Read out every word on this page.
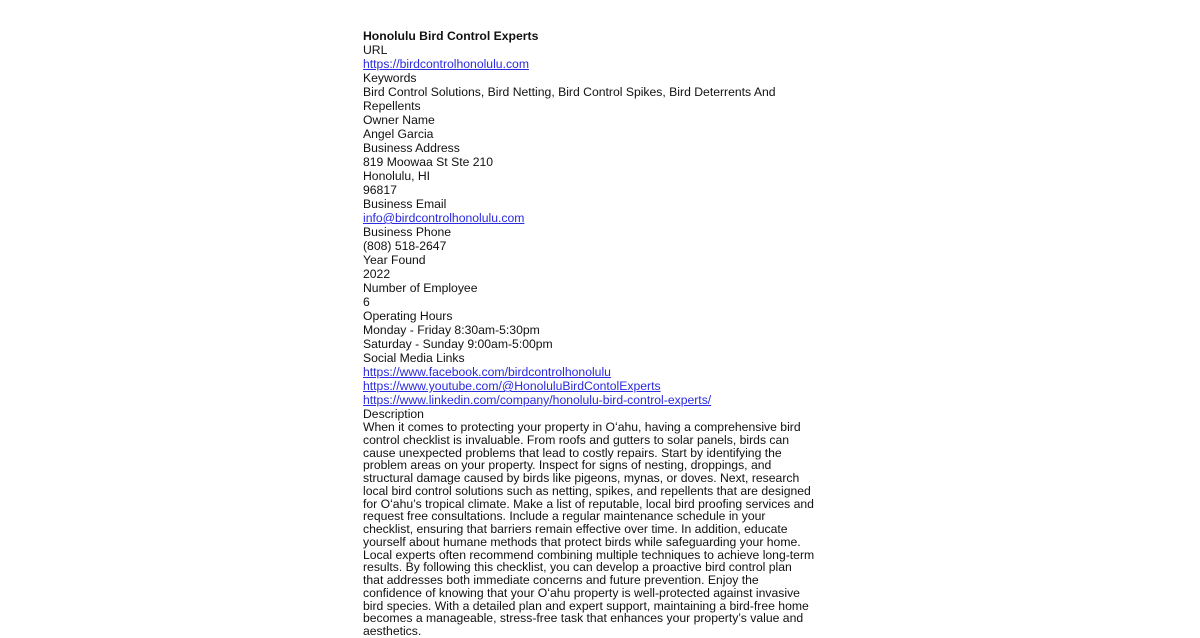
Honolulu Bird Control Experts
URL
https://birdcontrolhonolulu.com
Keywords
Bird Control Solutions, Bird Netting, Bird Control Spikes, Bird Deterrents And Repellents
Owner Name
Angel Garcia
Business Address
819 Moowaa St Ste 210
Honolulu, HI
96817
Business Email
info@birdcontrolhonolulu.com
Business Phone
(808) 518-2647
Year Found
2022
Number of Employee
6
Operating Hours
Monday - Friday 8:30am-5:30pm
Saturday - Sunday 9:00am-5:00pm
Social Media Links
https://www.facebook.com/birdcontrolhonolulu
https://www.youtube.com/@HonoluluBirdContolExperts
https://www.linkedin.com/company/honolulu-bird-control-experts/
Description
When it comes to protecting your property in Oʻahu, having a comprehensive bird control checklist is invaluable. From roofs and gutters to solar panels, birds can cause unexpected problems that lead to costly repairs. Start by identifying the problem areas on your property. Inspect for signs of nesting, droppings, and structural damage caused by birds like pigeons, mynas, or doves. Next, research local bird control solutions such as netting, spikes, and repellents that are designed for Oʻahu’s tropical climate. Make a list of reputable, local bird proofing services and request free consultations. Include a regular maintenance schedule in your checklist, ensuring that barriers remain effective over time. In addition, educate yourself about humane methods that protect birds while safeguarding your home. Local experts often recommend combining multiple techniques to achieve long-term results. By following this checklist, you can develop a proactive bird control plan that addresses both immediate concerns and future prevention. Enjoy the confidence of knowing that your Oʻahu property is well-protected against invasive bird species. With a detailed plan and expert support, maintaining a bird-free home becomes a manageable, stress-free task that enhances your property’s value and aesthetics.
